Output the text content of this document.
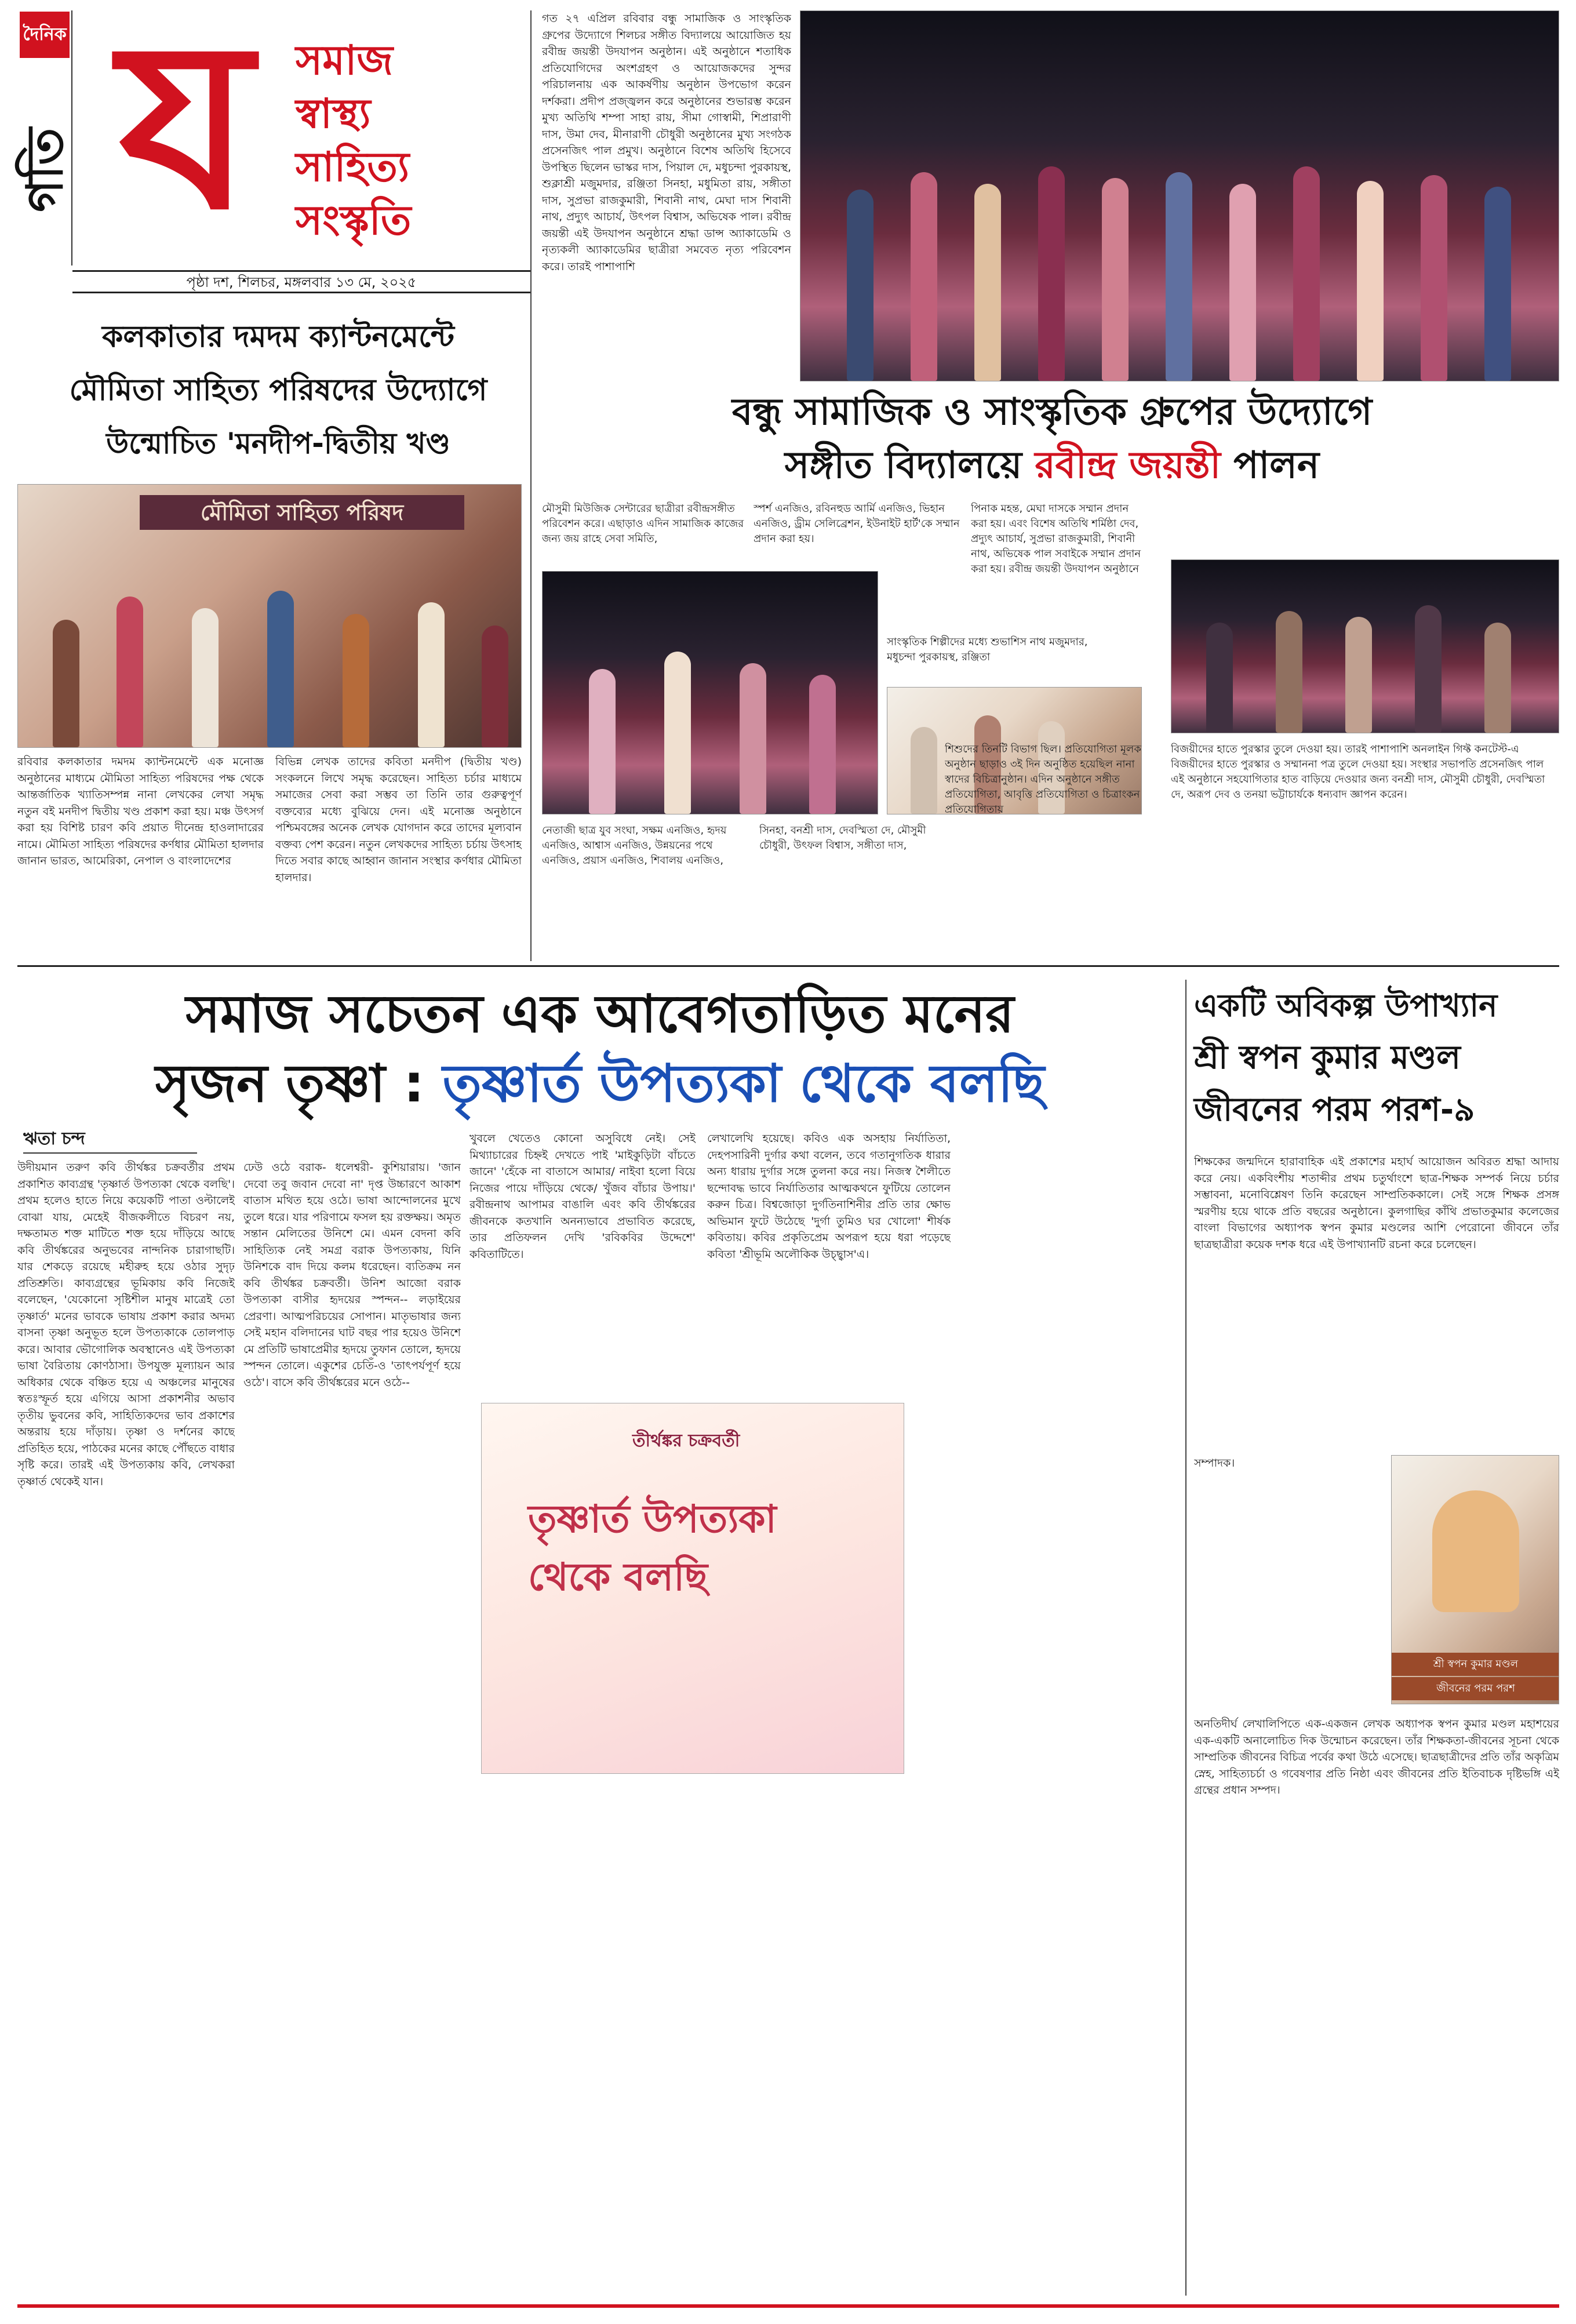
দৈনিক
গতি য	সমাজ
স্বাস্থ্য
সাহিত্য
সংস্কৃতি
পৃষ্ঠা দশ, শিলচর, মঙ্গলবার ১৩ মে, ২০২৫
কলকাতার দমদম ক্যান্টনমেন্টে
মৌমিতা সাহিত্য পরিষদের উদ্যোগে
উন্মোচিত 'মনদীপ-দ্বিতীয় খণ্ড
মৌমিতা সাহিত্য পরিষদ
রবিবার কলকাতার দমদম ক্যান্টনমেন্টে এক মনোজ্ঞ অনুষ্ঠানের মাধ্যমে মৌমিতা সাহিত্য পরিষদের পক্ষ থেকে আন্তর্জাতিক খ্যাতিসম্পন্ন নানা লেখকের লেখা সমৃদ্ধ নতুন বই মনদীপ দ্বিতীয় খণ্ড প্রকাশ করা হয়। মঞ্চ উৎসর্গ করা হয় বিশিষ্ট চারণ কবি প্রয়াত দীনেন্দ্র হাওলাদারের নামে। মৌমিতা সাহিত্য পরিষদের কর্ণধার মৌমিতা হালদার জানান ভারত, আমেরিকা, নেপাল ও বাংলাদেশের
বিভিন্ন লেখক তাদের কবিতা মনদীপ (দ্বিতীয় খণ্ড) সংকলনে লিখে সমৃদ্ধ করেছেন। সাহিত্য চর্চার মাধ্যমে সমাজের সেবা করা সম্ভব তা তিনি তার গুরুত্বপূর্ণ বক্তব্যের মধ্যে বুঝিয়ে দেন। এই মনোজ্ঞ অনুষ্ঠানে পশ্চিমবঙ্গের অনেক লেখক যোগদান করে তাদের মূল্যবান বক্তব্য পেশ করেন। নতুন লেখকদের সাহিত্য চর্চায় উৎসাহ দিতে সবার কাছে আহ্বান জানান সংস্থার কর্ণধার মৌমিতা হালদার।
গত ২৭ এপ্রিল রবিবার বন্ধু সামাজিক ও সাংস্কৃতিক গ্রুপের উদ্যোগে শিলচর সঙ্গীত বিদ্যালয়ে আয়োজিত হয় রবীন্দ্র জয়ন্তী উদযাপন অনুষ্ঠান। এই অনুষ্ঠানে শতাধিক প্রতিযোগিদের অংশগ্রহণ ও আয়োজকদের সুন্দর পরিচালনায় এক আকর্ষণীয় অনুষ্ঠান উপভোগ করেন দর্শকরা। প্রদীপ প্রজ্জ্বলন করে অনুষ্ঠানের শুভারম্ভ করেন মুখ্য অতিথি শম্পা সাহা রায়, সীমা গোস্বামী, শিপ্রারাণী দাস, উমা দেব, মীনারাণী চৌধুরী অনুষ্ঠানের মুখ্য সংগঠক প্রসেনজিৎ পাল প্রমুখ। অনুষ্ঠানে বিশেষ অতিথি হিসেবে উপস্থিত ছিলেন ভাস্কর দাস, পিয়াল দে, মধুচন্দা পুরকায়স্থ, শুক্লাশ্রী মজুমদার, রঞ্জিতা সিনহা, মধুমিতা রায়, সঙ্গীতা দাস, সুপ্রভা রাজকুমারী, শিবানী নাথ, মেঘা দাস শিবানী নাথ, প্রদ্যুৎ আচার্য, উৎপল বিশ্বাস, অভিষেক পাল। রবীন্দ্র জয়ন্তী এই উদযাপন অনুষ্ঠানে শ্রদ্ধা ডান্স অ্যাকাডেমি ও নৃত্যকলী অ্যাকাডেমির ছাত্রীরা সমবেত নৃত্য পরিবেশন করে। তারই পাশাপাশি
বন্ধু সামাজিক ও সাংস্কৃতিক গ্রুপের উদ্যোগে
সঙ্গীত বিদ্যালয়ে রবীন্দ্র জয়ন্তী পালন
মৌসুমী মিউজিক সেন্টারের ছাত্রীরা রবীন্দ্রসঙ্গীত পরিবেশন করে। এছাড়াও এদিন সামাজিক কাজের জন্য জয় রাহে সেবা সমিতি,
স্পর্শ এনজিও, রবিনহুড আর্মি এনজিও, ভিহান এনজিও, ড্রীম সেলিব্রেশন, ইউনাইট হার্ট'কে সম্মান প্রদান করা হয়।
পিনাক মহন্ত, মেঘা দাসকে সম্মান প্রদান করা হয়। এবং বিশেষ অতিথি শর্মিষ্ঠা দেব, প্রদ্যুৎ আচার্য, সুপ্রভা রাজকুমারী, শিবানী নাথ, অভিষেক পাল সবাইকে সম্মান প্রদান করা হয়। রবীন্দ্র জয়ন্তী উদযাপন অনুষ্ঠানে
সাংস্কৃতিক শিল্পীদের মধ্যে শুভাশিস নাথ মজুমদার, মধুচন্দা পুরকায়স্থ, রঞ্জিতা
নেতাজী ছাত্র যুব সংঘা, সক্ষম এনজিও, হৃদয় এনজিও, আশ্বাস এনজিও, উন্নয়নের পথে এনজিও, প্রয়াস এনজিও, শিবালয় এনজিও,
সিনহা, বনশ্রী দাস, দেবস্মিতা দে, মৌসুমী চৌধুরী, উৎফল বিশ্বাস, সঙ্গীতা দাস,
শিশুদের তিনটি বিভাগ ছিল। প্রতিযোগিতা মূলক অনুষ্ঠান ছাড়াও ৩ই দিন অনুষ্ঠিত হয়েছিল নানা স্বাদের বিচিত্রানুষ্ঠান। এদিন অনুষ্ঠানে সঙ্গীত প্রতিযোগিতা, আবৃত্তি প্রতিযোগিতা ও চিত্রাংকন প্রতিযোগিতায়
বিজয়ীদের হাতে পুরস্কার তুলে দেওয়া হয়। তারই পাশাপাশি অনলাইন গিফ্ট কনটেস্ট-এ বিজয়ীদের হাতে পুরস্কার ও সম্মাননা পত্র তুলে দেওয়া হয়। সংস্থার সভাপতি প্রসেনজিৎ পাল এই অনুষ্ঠানে সহযোগিতার হাত বাড়িয়ে দেওয়ার জন্য বনশ্রী দাস, মৌসুমী চৌধুরী, দেবস্মিতা দে, অরূপ দেব ও তনয়া ভট্টাচার্যকে ধন্যবাদ জ্ঞাপন করেন।
সমাজ সচেতন এক আবেগতাড়িত মনের
সৃজন তৃষ্ণা : তৃষ্ণার্ত উপত্যকা থেকে বলছি
ঋতা চন্দ
উদীয়মান তরুণ কবি তীর্থঙ্কর চক্রবর্তীর প্রথম প্রকাশিত কাব্যগ্রন্থ 'তৃষ্ণার্ত উপত্যকা থেকে বলছি'। প্রথম হলেও হাতে নিয়ে কয়েকটি পাতা ওল্টালেই বোঝা যায়, মেহেই বীজকলীতে বিচরণ নয়, দক্ষতামত শক্ত মাটিতে শক্ত হয়ে দাঁড়িয়ে আছে কবি তীর্থঙ্করের অনুভবের নান্দনিক চারাগাছটি। যার শেকড়ে রয়েছে মহীরুহ হয়ে ওঠার সুদৃঢ় প্রতিশ্রুতি। কাব্যগ্রন্থের ভূমিকায় কবি নিজেই বলেছেন, 'যেকোনো সৃষ্টিশীল মানুষ মাত্রেই তো তৃষ্ণার্ত' মনের ভাবকে ভাষায় প্রকাশ করার অদম্য বাসনা তৃষ্ণা অনুভূত হলে উপত্যকাকে তোলপাড় করে। আবার ভৌগোলিক অবস্থানেও এই উপত্যকা ভাষা বৈরিতায় কোণঠাসা। উপযুক্ত মূল্যায়ন আর অধিকার থেকে বঞ্চিত হয়ে এ অঞ্চলের মানুষের স্বতঃস্ফূর্ত হয়ে এগিয়ে আসা প্রকাশনীর অভাব তৃতীয় ভুবনের কবি, সাহিত্যিকদের ভাব প্রকাশের অন্তরায় হয়ে দাঁড়ায়। তৃষ্ণা ও দর্শনের কাছে প্রতিহিত হয়ে, পাঠকের মনের কাছে পৌঁছতে বাধার সৃষ্টি করে। তারই এই উপত্যকায় কবি, লেখকরা তৃষ্ণার্ত থেকেই যান।
ঢেউ ওঠে বরাক- ধলেশ্বরী- কুশিয়ারায়। 'জান দেবো তবু জবান দেবো না' দৃপ্ত উচ্চারণে আকাশ বাতাস মথিত হয়ে ওঠে। ভাষা আন্দোলনের মুখে তুলে ধরে। যার পরিণামে ফসল হয় রক্তক্ষয়। অমৃত সন্তান মেলিতের উনিশে মে। এমন বেদনা কবি সাহিত্যিক নেই সমগ্র বরাক উপত্যকায়, যিনি উনিশকে বাদ দিয়ে কলম ধরেছেন। ব্যতিক্রম নন কবি তীর্থঙ্কর চক্রবর্তী। উনিশ আজো বরাক উপত্যকা বাসীর হৃদয়ের স্পন্দন-- লড়াইয়ের প্রেরণা। আত্মপরিচয়ের সোপান। মাতৃভাষার জন্য সেই মহান বলিদানের ঘাট বছর পার হয়েও উনিশে মে প্রতিটি ভাষাপ্রেমীর হৃদয়ে তুফান তোলে, হৃদয়ে স্পন্দন তোলে। একুশের চেতিঁ-ও 'তাৎপর্যপূর্ণ হয়ে ওঠে'। বাসে কবি তীর্থঙ্করের মনে ওঠে--
খুবলে খেতেও কোনো অসুবিধে নেই। সেই মিথ্যাচারের চিহ্নই দেখতে পাই 'মাইকুড়িটা বাঁচতে জানে' 'হেঁকে না বাতাসে আমার/ নাইবা হলো বিয়ে নিজের পায়ে দাঁড়িয়ে থেকে/ খুঁজব বাঁচার উপায়।' রবীন্দ্রনাথ আপামর বাঙালি এবং কবি তীর্থঙ্করের জীবনকে কতখানি অনন্যভাবে প্রভাবিত করেছে, তার প্রতিফলন দেখি 'রবিকবির উদ্দেশে' কবিতাটিতে।
তীর্থঙ্কর চক্রবর্তী
তৃষ্ণার্ত উপত্যকা থেকে বলছি
লেখালেখি হয়েছে। কবিও এক অসহায় নির্যাতিতা, দেহপসারিনী দুর্গার কথা বলেন, তবে গতানুগতিক ধারার অন্য ধারায় দুর্গার সঙ্গে তুলনা করে নয়। নিজস্ব শৈলীতে ছন্দোবদ্ধ ভাবে নির্যাতিতার আত্মকথনে ফুটিয়ে তোলেন করুন চিত্র। বিশ্বজোড়া দুর্গতিনাশিনীর প্রতি তার ক্ষোভ অভিমান ফুটে উঠেছে 'দুর্গা তুমিও ঘর খোলো' শীর্ষক কবিতায়। কবির প্রকৃতিপ্রেম অপরূপ হয়ে ধরা পড়েছে কবিতা 'শ্রীভূমি অলৌকিক উচ্ছ্বাস'এ।
একটি অবিকল্প উপাখ্যান
শ্রী স্বপন কুমার মণ্ডল
জীবনের পরম পরশ-৯
শিক্ষকের জন্মদিনে হারাবাহিক এই প্রকাশের মহার্ঘ আয়োজন অবিরত শ্রদ্ধা আদায় করে নেয়। একবিংশীয় শতাব্দীর প্রথম চতুর্থাংশে ছাত্র-শিক্ষক সম্পর্ক নিয়ে চর্চার সম্ভাবনা, মনোবিশ্লেষণ তিনি করেছেন সাম্প্রতিককালে। সেই সঙ্গে শিক্ষক প্রসঙ্গ স্মরণীয় হয়ে থাকে প্রতি বছরের অনুষ্ঠানে। কুলগাছির কাঁথি প্রভাতকুমার কলেজের বাংলা বিভাগের অধ্যাপক স্বপন কুমার মণ্ডলের আশি পেরোনো জীবনে তাঁর ছাত্রছাত্রীরা কয়েক দশক ধরে এই উপাখ্যানটি রচনা করে চলেছেন।
শ্রী স্বপন কুমার মণ্ডল
জীবনের পরম পরশ
সম্পাদক।
অনতিদীর্ঘ লেখালিপিতে এক-একজন লেখক অধ্যাপক স্বপন কুমার মণ্ডল মহাশয়ের এক-একটি অনালোচিত দিক উন্মোচন করেছেন। তাঁর শিক্ষকতা-জীবনের সূচনা থেকে সাম্প্রতিক জীবনের বিচিত্র পর্বের কথা উঠে এসেছে। ছাত্রছাত্রীদের প্রতি তাঁর অকৃত্রিম স্নেহ, সাহিত্যচর্চা ও গবেষণার প্রতি নিষ্ঠা এবং জীবনের প্রতি ইতিবাচক দৃষ্টিভঙ্গি এই গ্রন্থের প্রধান সম্পদ।
